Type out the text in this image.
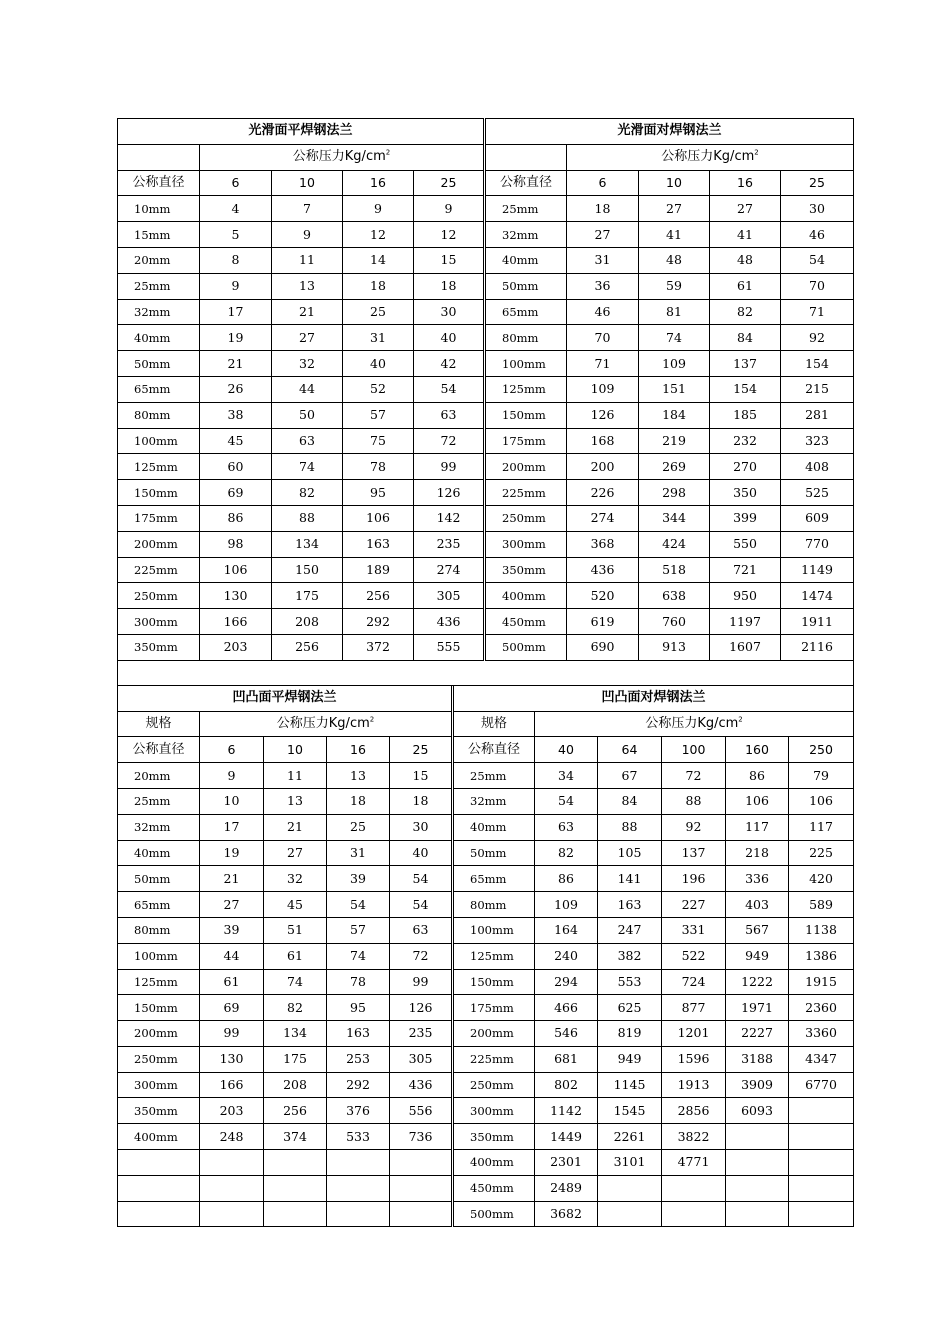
光滑面平焊钢法兰					光滑面对焊钢法兰				
	公称压力$Kg/cm^2$					公称压力$Kg/cm^2$
公称直径	6	10	16	25	公称直径	6	10	16	25
10mm	4	7	9	9	25mm	18	27	27	30
15mm	5	9	12	12	32mm	27	41	41	46
20mm	8	11	14	15	40mm	31	48	48	54
25mm	9	13	18	18	50mm	36	59	61	70
32mm	17	21	25	30	65mm	46	81	82	71
40mm	19	27	31	40	80mm	70	74	84	92
50mm	21	32	40	42	100mm	71	109	137	154
65mm	26	44	52	54	125mm	109	151	154	215
80mm	38	50	57	63	150mm	126	184	185	281
100mm	45	63	75	72	175mm	168	219	232	323
125mm	60	74	78	99	200mm	200	269	270	408
150mm	69	82	95	126	225mm	226	298	350	525
175mm	86	88	106	142	250mm	274	344	399	609
200mm	98	134	163	235	300mm	368	424	550	770
225mm	106	150	189	274	350mm	436	518	721	1149
250mm	130	175	256	305	400mm	520	638	950	1474
300mm	166	208	292	436	450mm	619	760	1197	1911
350mm	203	256	372	555	500mm	690	913	1607	2116

凹凸面平焊钢法兰					凹凸面对焊钢法兰					
规格	公称压力$Kg/cm^2$				规格	公称压力$Kg/cm^2$
公称直径	6	10	16	25	公称直径	40	64	100	160	250
20mm	9	11	13	15	25mm	34	67	72	86	79
25mm	10	13	18	18	32mm	54	84	88	106	106
32mm	17	21	25	30	40mm	63	88	92	117	117
40mm	19	27	31	40	50mm	82	105	137	218	225
50mm	21	32	39	54	65mm	86	141	196	336	420
65mm	27	45	54	54	80mm	109	163	227	403	589
80mm	39	51	57	63	100mm	164	247	331	567	1138
100mm	44	61	74	72	125mm	240	382	522	949	1386
125mm	61	74	78	99	150mm	294	553	724	1222	1915
150mm	69	82	95	126	175mm	466	625	877	1971	2360
200mm	99	134	163	235	200mm	546	819	1201	2227	3360
250mm	130	175	253	305	225mm	681	949	1596	3188	4347
300mm	166	208	292	436	250mm	802	1145	1913	3909	6770
350mm	203	256	376	556	300mm	1142	1545	2856	6093	
400mm	248	374	533	736	350mm	1449	2261	3822		
					400mm	2301	3101	4771		
					450mm	2489				
					500mm	3682				
